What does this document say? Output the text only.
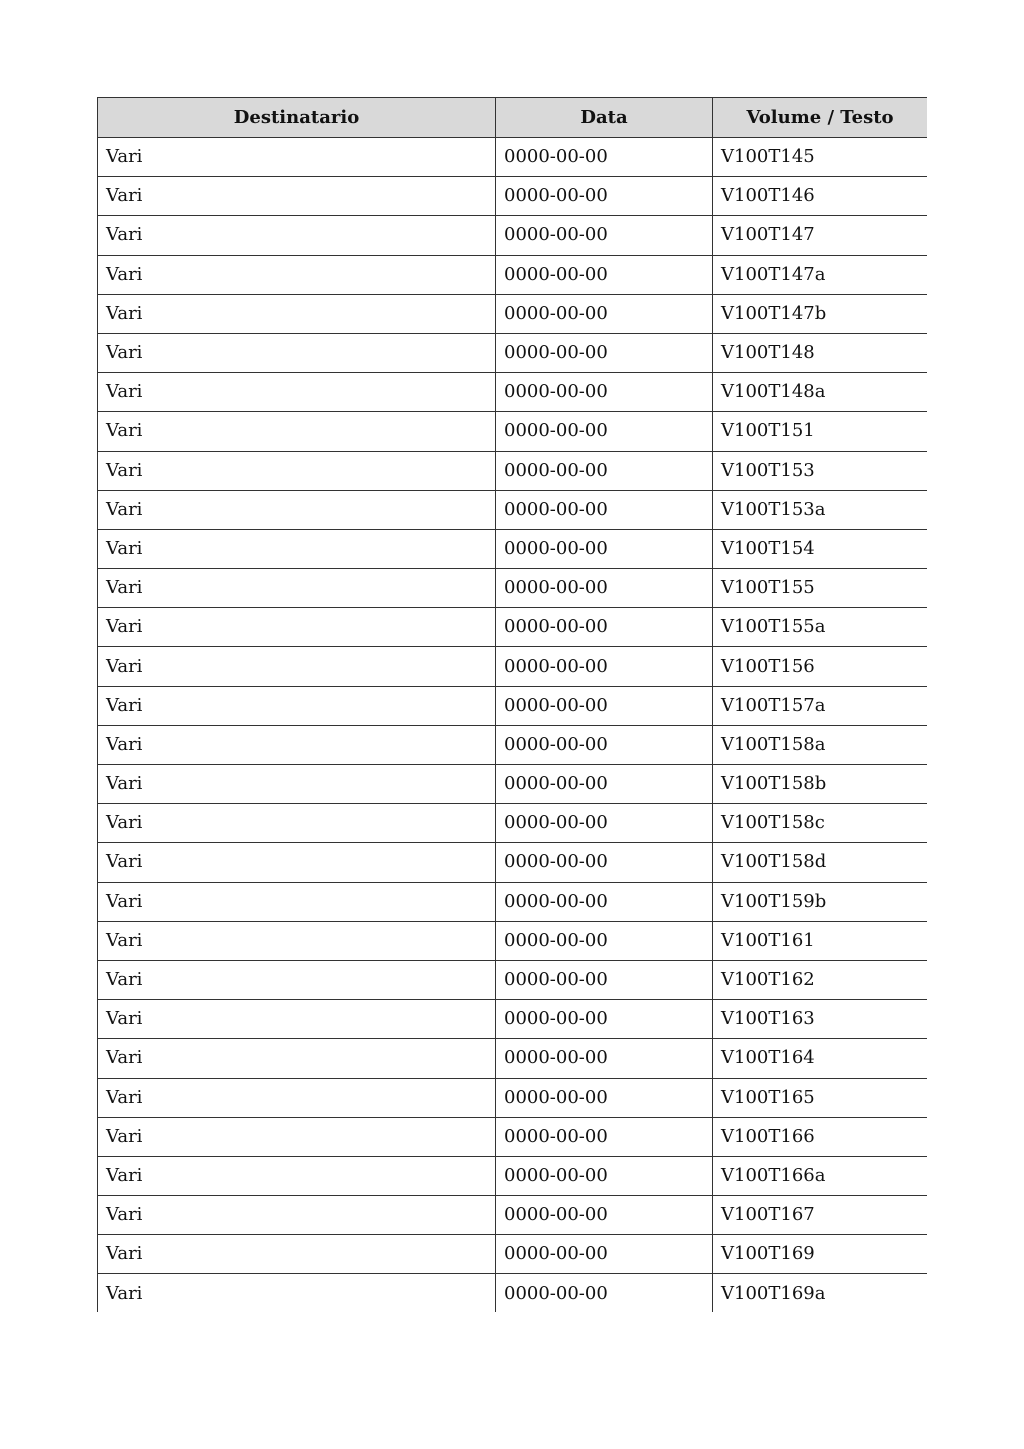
Destinatario	Data	Volume / Testo
Vari	0000-00-00	V100T145
Vari	0000-00-00	V100T146
Vari	0000-00-00	V100T147
Vari	0000-00-00	V100T147a
Vari	0000-00-00	V100T147b
Vari	0000-00-00	V100T148
Vari	0000-00-00	V100T148a
Vari	0000-00-00	V100T151
Vari	0000-00-00	V100T153
Vari	0000-00-00	V100T153a
Vari	0000-00-00	V100T154
Vari	0000-00-00	V100T155
Vari	0000-00-00	V100T155a
Vari	0000-00-00	V100T156
Vari	0000-00-00	V100T157a
Vari	0000-00-00	V100T158a
Vari	0000-00-00	V100T158b
Vari	0000-00-00	V100T158c
Vari	0000-00-00	V100T158d
Vari	0000-00-00	V100T159b
Vari	0000-00-00	V100T161
Vari	0000-00-00	V100T162
Vari	0000-00-00	V100T163
Vari	0000-00-00	V100T164
Vari	0000-00-00	V100T165
Vari	0000-00-00	V100T166
Vari	0000-00-00	V100T166a
Vari	0000-00-00	V100T167
Vari	0000-00-00	V100T169
Vari	0000-00-00	V100T169a
